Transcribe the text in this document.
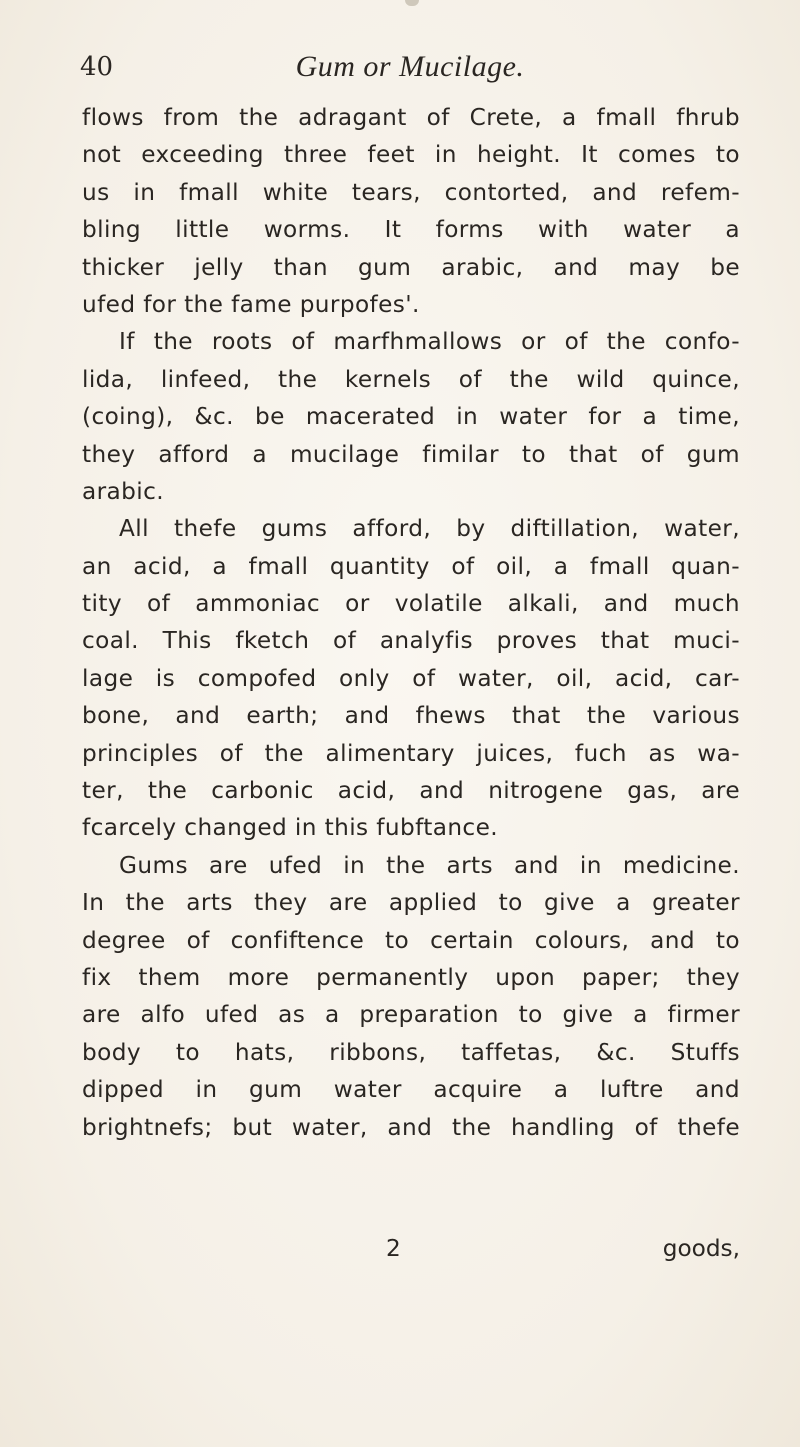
40	Gum or Mucilage.
flows from the adragant of Crete, a fmall fhrub
not exceeding three feet in height. It comes to
us in fmall white tears, contorted, and refem-
bling little worms. It forms with water a
thicker jelly than gum arabic, and may be
ufed for the fame purpofes'.
If the roots of marfhmallows or of the confo-
lida, linfeed, the kernels of the wild quince,
(coing), &c. be macerated in water for a time,
they afford a mucilage fimilar to that of gum
arabic.
All thefe gums afford, by diftillation, water,
an acid, a fmall quantity of oil, a fmall quan-
tity of ammoniac or volatile alkali, and much
coal. This fketch of analyfis proves that muci-
lage is compofed only of water, oil, acid, car-
bone, and earth; and fhews that the various
principles of the alimentary juices, fuch as wa-
ter, the carbonic acid, and nitrogene gas, are
fcarcely changed in this fubftance.
Gums are ufed in the arts and in medicine.
In the arts they are applied to give a greater
degree of confiftence to certain colours, and to
fix them more permanently upon paper; they
are alfo ufed as a preparation to give a firmer
body to hats, ribbons, taffetas, &c. Stuffs
dipped in gum water acquire a luftre and
brightnefs; but water, and the handling of thefe
2	goods,
